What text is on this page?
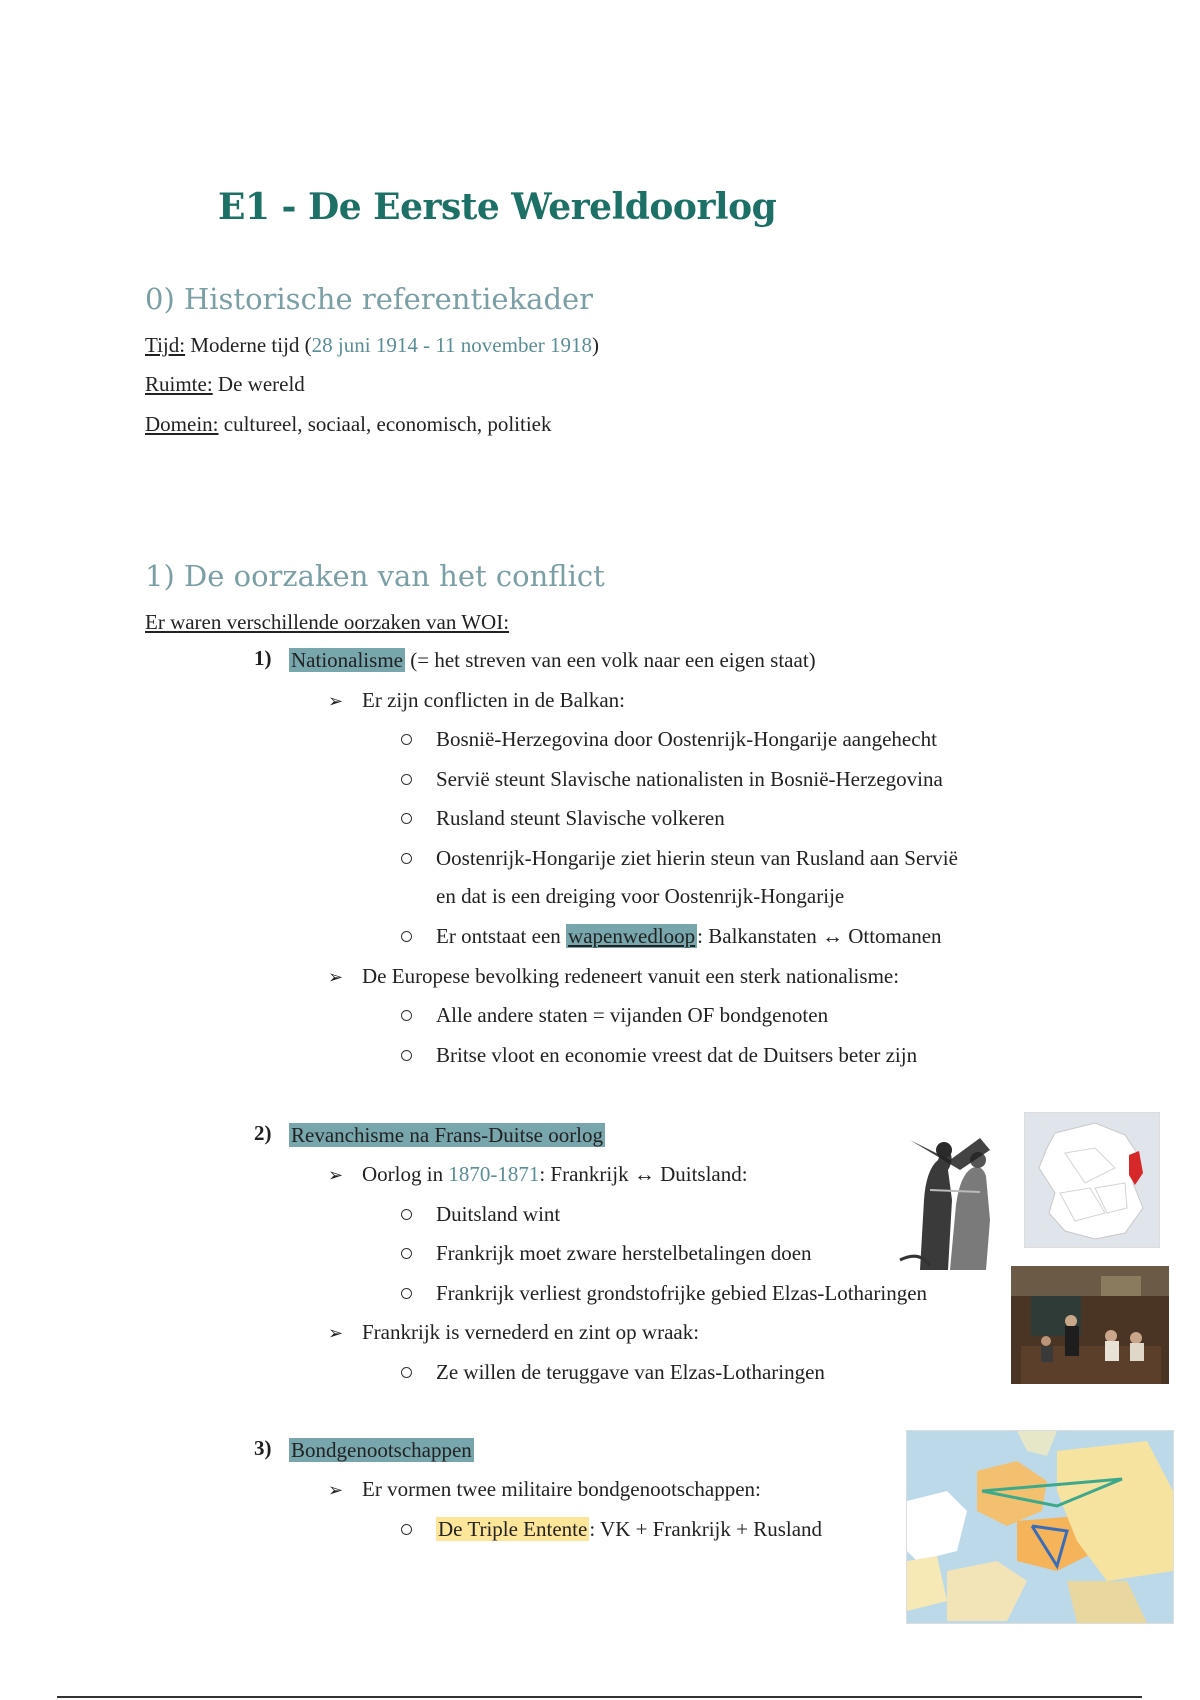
E1 - De Eerste Wereldoorlog
0) Historische referentiekader
Tijd: Moderne tijd (28 juni 1914 - 11 november 1918)
Ruimte: De wereld
Domein: cultureel, sociaal, economisch, politiek
1) De oorzaken van het conflict
Er waren verschillende oorzaken van WOI:
1) Nationalisme (= het streven van een volk naar een eigen staat)
➢ Er zijn conflicten in de Balkan:
Bosnië-Herzegovina door Oostenrijk-Hongarije aangehecht
Servië steunt Slavische nationalisten in Bosnië-Herzegovina
Rusland steunt Slavische volkeren
Oostenrijk-Hongarije ziet hierin steun van Rusland aan Servië
en dat is een dreiging voor Oostenrijk-Hongarije
Er ontstaat een wapenwedloop: Balkanstaten ↔ Ottomanen
➢ De Europese bevolking redeneert vanuit een sterk nationalisme:
Alle andere staten = vijanden OF bondgenoten
Britse vloot en economie vreest dat de Duitsers beter zijn
2) Revanchisme na Frans-Duitse oorlog
➢ Oorlog in 1870-1871: Frankrijk ↔ Duitsland:
Duitsland wint
Frankrijk moet zware herstelbetalingen doen
Frankrijk verliest grondstofrijke gebied Elzas-Lotharingen
➢ Frankrijk is vernederd en zint op wraak:
Ze willen de teruggave van Elzas-Lotharingen
3) Bondgenootschappen
➢ Er vormen twee militaire bondgenootschappen:
De Triple Entente: VK + Frankrijk + Rusland
